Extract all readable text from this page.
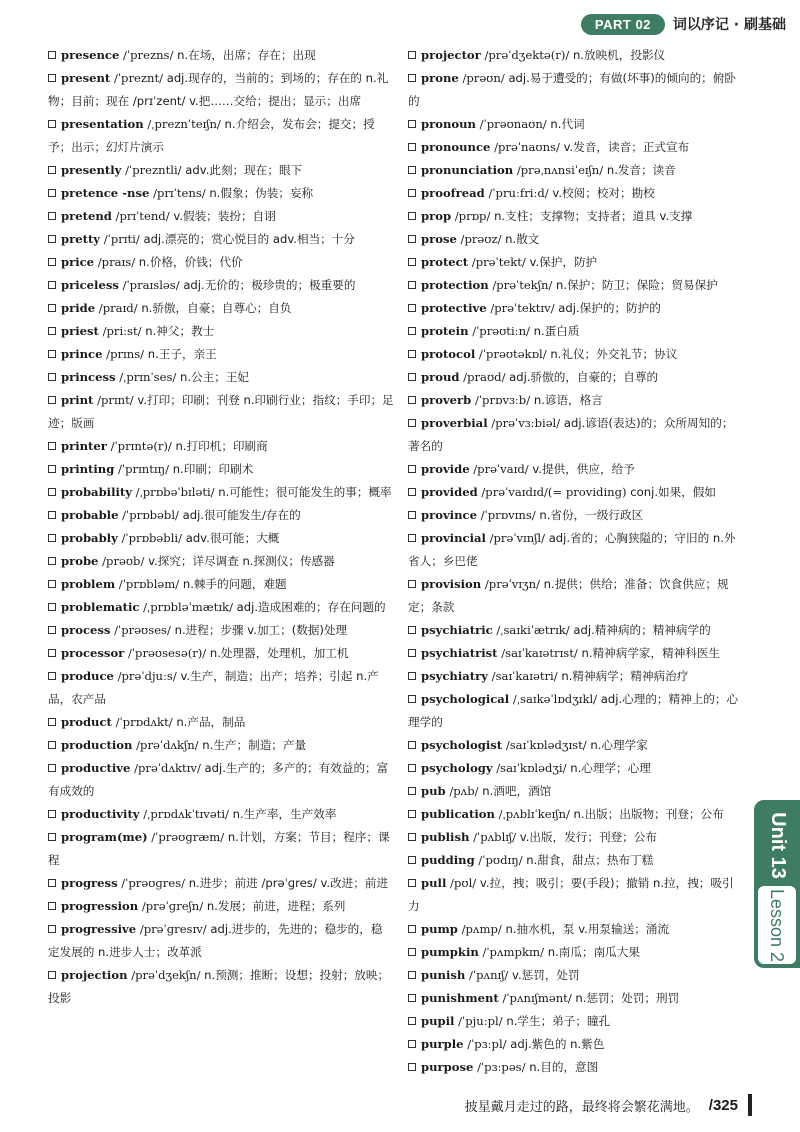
PART 02	词以序记 · 刷基础
presence /ˈprezns/ n.在场，出席；存在；出现
present /ˈpreznt/ adj.现存的，当前的；到场的；存在的 n.礼物；目前；现在 /prɪˈzent/ v.把……交给；提出；显示；出席
presentation /ˌpreznˈteɪʃn/ n.介绍会，发布会；提交；授予；出示；幻灯片演示
presently /ˈprezntli/ adv.此刻；现在；眼下
pretence -nse /prɪˈtens/ n.假象；伪装；妄称
pretend /prɪˈtend/ v.假装；装扮；自诩
pretty /ˈprɪti/ adj.漂亮的；赏心悦目的 adv.相当；十分
price /praɪs/ n.价格，价钱；代价
priceless /ˈpraɪsləs/ adj.无价的；极珍贵的；极重要的
pride /praɪd/ n.骄傲，自豪；自尊心；自负
priest /priːst/ n.神父；教士
prince /prɪns/ n.王子，亲王
princess /ˌprɪnˈses/ n.公主；王妃
print /prɪnt/ v.打印；印刷；刊登 n.印刷行业；指纹；手印；足迹；版画
printer /ˈprɪntə(r)/ n.打印机；印刷商
printing /ˈprɪntɪŋ/ n.印刷；印刷术
probability /ˌprɒbəˈbɪləti/ n.可能性；很可能发生的事；概率
probable /ˈprɒbəbl/ adj.很可能发生/存在的
probably /ˈprɒbəbli/ adv.很可能；大概
probe /prəʊb/ v.探究；详尽调查 n.探测仪；传感器
problem /ˈprɒbləm/ n.棘手的问题，难题
problematic /ˌprɒbləˈmætɪk/ adj.造成困难的；存在问题的
process /ˈprəʊses/ n.进程；步骤 v.加工；(数据)处理
processor /ˈprəʊsesə(r)/ n.处理器，处理机，加工机
produce /prəˈdjuːs/ v.生产，制造；出产；培养；引起 n.产品，农产品
product /ˈprɒdʌkt/ n.产品，制品
production /prəˈdʌkʃn/ n.生产；制造；产量
productive /prəˈdʌktɪv/ adj.生产的；多产的；有效益的；富有成效的
productivity /ˌprɒdʌkˈtɪvəti/ n.生产率，生产效率
program(me) /ˈprəʊɡræm/ n.计划，方案；节目；程序；课程
progress /ˈprəʊɡres/ n.进步；前进 /prəˈɡres/ v.改进；前进
progression /prəˈɡreʃn/ n.发展；前进，进程；系列
progressive /prəˈɡresɪv/ adj.进步的，先进的；稳步的，稳定发展的 n.进步人士；改革派
projection /prəˈdʒekʃn/ n.预测；推断；设想；投射；放映；投影
projector /prəˈdʒektə(r)/ n.放映机，投影仪
prone /prəʊn/ adj.易于遭受的；有做(坏事)的倾向的；俯卧的
pronoun /ˈprəʊnaʊn/ n.代词
pronounce /prəˈnaʊns/ v.发音，读音；正式宣布
pronunciation /prəˌnʌnsiˈeɪʃn/ n.发音；读音
proofread /ˈpruːfriːd/ v.校阅；校对；勘校
prop /prɒp/ n.支柱；支撑物；支持者；道具 v.支撑
prose /prəʊz/ n.散文
protect /prəˈtekt/ v.保护，防护
protection /prəˈtekʃn/ n.保护；防卫；保险；贸易保护
protective /prəˈtektɪv/ adj.保护的；防护的
protein /ˈprəʊtiːn/ n.蛋白质
protocol /ˈprəʊtəkɒl/ n.礼仪；外交礼节；协议
proud /praʊd/ adj.骄傲的，自豪的；自尊的
proverb /ˈprɒvɜːb/ n.谚语，格言
proverbial /prəˈvɜːbiəl/ adj.谚语(表达)的；众所周知的；著名的
provide /prəˈvaɪd/ v.提供，供应，给予
provided /prəˈvaɪdɪd/(= providing) conj.如果，假如
province /ˈprɒvɪns/ n.省份，一级行政区
provincial /prəˈvɪnʃl/ adj.省的；心胸狭隘的；守旧的 n.外省人；乡巴佬
provision /prəˈvɪʒn/ n.提供；供给；准备；饮食供应；规定；条款
psychiatric /ˌsaɪkiˈætrɪk/ adj.精神病的；精神病学的
psychiatrist /saɪˈkaɪətrɪst/ n.精神病学家，精神科医生
psychiatry /saɪˈkaɪətri/ n.精神病学；精神病治疗
psychological /ˌsaɪkəˈlɒdʒɪkl/ adj.心理的；精神上的；心理学的
psychologist /saɪˈkɒlədʒɪst/ n.心理学家
psychology /saɪˈkɒlədʒi/ n.心理学；心理
pub /pʌb/ n.酒吧，酒馆
publication /ˌpʌblɪˈkeɪʃn/ n.出版；出版物；刊登；公布
publish /ˈpʌblɪʃ/ v.出版，发行；刊登；公布
pudding /ˈpʊdɪŋ/ n.甜食，甜点；热布丁糕
pull /pʊl/ v.拉，拽；吸引；要(手段)；撤销 n.拉，拽；吸引力
pump /pʌmp/ n.抽水机，泵 v.用泵输送；涌流
pumpkin /ˈpʌmpkɪn/ n.南瓜；南瓜大果
punish /ˈpʌnɪʃ/ v.惩罚，处罚
punishment /ˈpʌnɪʃmənt/ n.惩罚；处罚；刑罚
pupil /ˈpjuːpl/ n.学生；弟子；瞳孔
purple /ˈpɜːpl/ adj.紫色的 n.紫色
purpose /ˈpɜːpəs/ n.目的，意图
Unit 13
Lesson 2
披星戴月走过的路，最终将会繁花满地。 /325
